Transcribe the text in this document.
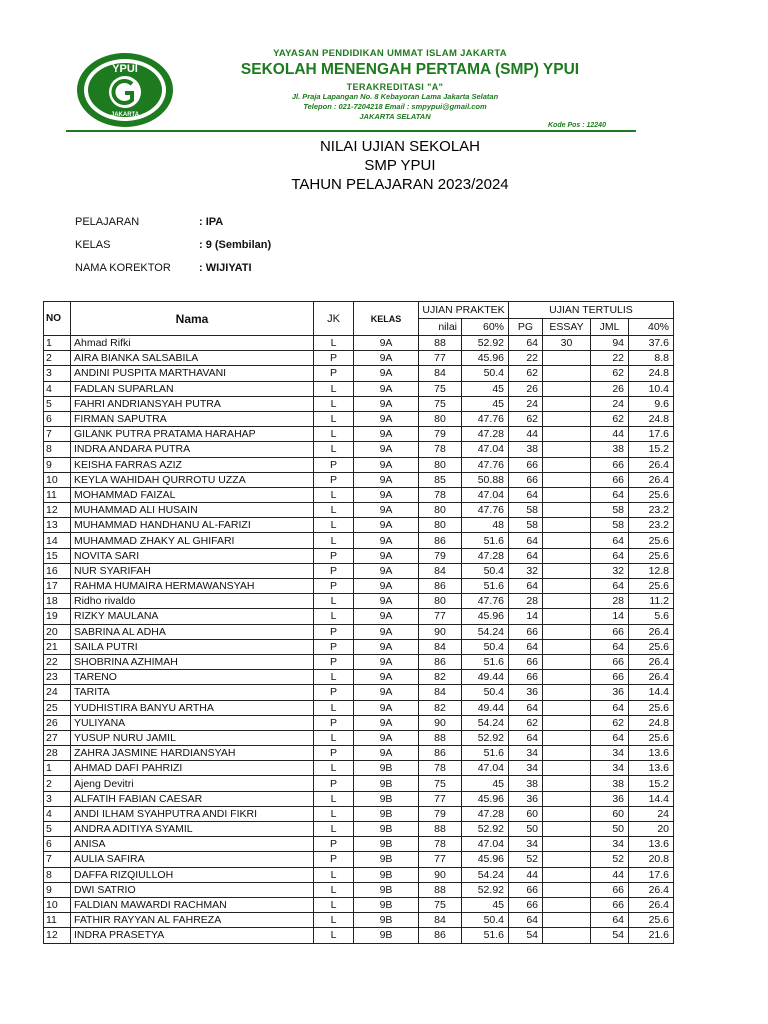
YPUI
JAKARTA
YAYASAN PENDIDIKAN UMMAT ISLAM JAKARTA
SEKOLAH MENENGAH PERTAMA (SMP) YPUI
TERAKREDITASI "A"
Jl. Praja Lapangan No. 8 Kebayoran Lama Jakarta Selatan
Telepon : 021-7204218 Email : smpypui@gmail.com
JAKARTA SELATAN
Kode Pos : 12240
NILAI UJIAN SEKOLAH
SMP YPUI
TAHUN PELAJARAN 2023/2024
PELAJARAN	: IPA
KELAS	: 9 (Sembilan)
NAMA KOREKTOR	: WIJIYATI
NO	Nama	JK	KELAS	UJIAN PRAKTEK		UJIAN TERTULIS			
				nilai	60%	PG	ESSAY	JML	40%
1	Ahmad Rifki	L	9A	88	52.92	64	30	94	37.6
2	AIRA BIANKA SALSABILA	P	9A	77	45.96	22		22	8.8
3	ANDINI PUSPITA MARTHAVANI	P	9A	84	50.4	62		62	24.8
4	FADLAN SUPARLAN	L	9A	75	45	26		26	10.4
5	FAHRI ANDRIANSYAH PUTRA	L	9A	75	45	24		24	9.6
6	FIRMAN SAPUTRA	L	9A	80	47.76	62		62	24.8
7	GILANK PUTRA PRATAMA HARAHAP	L	9A	79	47.28	44		44	17.6
8	INDRA ANDARA PUTRA	L	9A	78	47.04	38		38	15.2
9	KEISHA FARRAS AZIZ	P	9A	80	47.76	66		66	26.4
10	KEYLA WAHIDAH QURROTU UZZA	P	9A	85	50.88	66		66	26.4
11	MOHAMMAD FAIZAL	L	9A	78	47.04	64		64	25.6
12	MUHAMMAD ALI HUSAIN	L	9A	80	47.76	58		58	23.2
13	MUHAMMAD HANDHANU AL-FARIZI	L	9A	80	48	58		58	23.2
14	MUHAMMAD ZHAKY AL GHIFARI	L	9A	86	51.6	64		64	25.6
15	NOVITA SARI	P	9A	79	47.28	64		64	25.6
16	NUR SYARIFAH	P	9A	84	50.4	32		32	12.8
17	RAHMA HUMAIRA HERMAWANSYAH	P	9A	86	51.6	64		64	25.6
18	Ridho rivaldo	L	9A	80	47.76	28		28	11.2
19	RIZKY MAULANA	L	9A	77	45.96	14		14	5.6
20	SABRINA AL ADHA	P	9A	90	54.24	66		66	26.4
21	SAILA PUTRI	P	9A	84	50.4	64		64	25.6
22	SHOBRINA AZHIMAH	P	9A	86	51.6	66		66	26.4
23	TARENO	L	9A	82	49.44	66		66	26.4
24	TARITA	P	9A	84	50.4	36		36	14.4
25	YUDHISTIRA BANYU ARTHA	L	9A	82	49.44	64		64	25.6
26	YULIYANA	P	9A	90	54.24	62		62	24.8
27	YUSUP NURU JAMIL	L	9A	88	52.92	64		64	25.6
28	ZAHRA JASMINE HARDIANSYAH	P	9A	86	51.6	34		34	13.6
1	AHMAD DAFI PAHRIZI	L	9B	78	47.04	34		34	13.6
2	Ajeng Devitri	P	9B	75	45	38		38	15.2
3	ALFATIH FABIAN CAESAR	L	9B	77	45.96	36		36	14.4
4	ANDI ILHAM SYAHPUTRA ANDI FIKRI	L	9B	79	47.28	60		60	24
5	ANDRA ADITIYA SYAMIL	L	9B	88	52.92	50		50	20
6	ANISA	P	9B	78	47.04	34		34	13.6
7	AULIA SAFIRA	P	9B	77	45.96	52		52	20.8
8	DAFFA RIZQIULLOH	L	9B	90	54.24	44		44	17.6
9	DWI SATRIO	L	9B	88	52.92	66		66	26.4
10	FALDIAN MAWARDI RACHMAN	L	9B	75	45	66		66	26.4
11	FATHIR RAYYAN AL FAHREZA	L	9B	84	50.4	64		64	25.6
12	INDRA PRASETYA	L	9B	86	51.6	54		54	21.6
